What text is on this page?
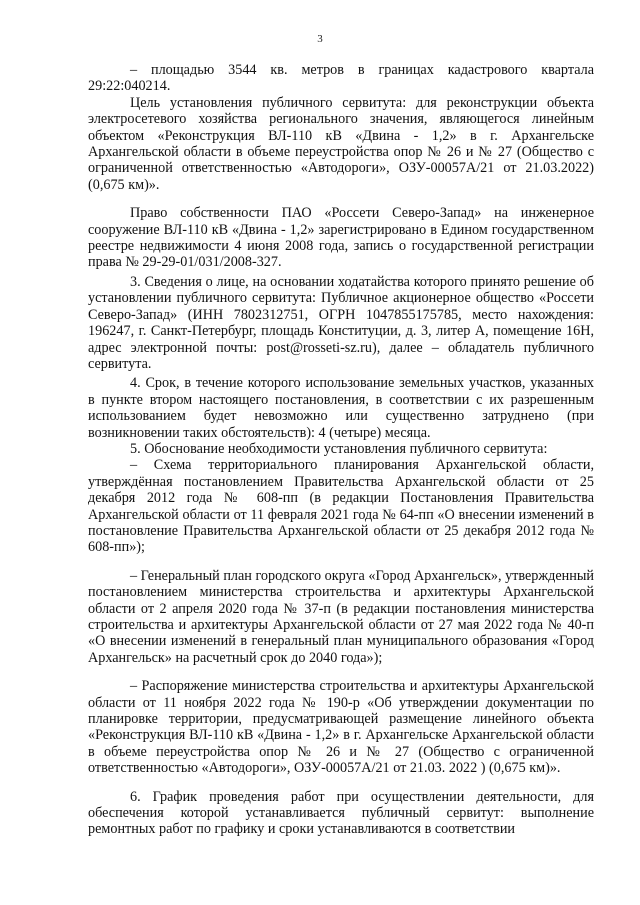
3

– площадью 3544 кв. метров в границах кадастрового квартала 29:22:040214.

Цель установления публичного сервитута: для реконструкции объекта электросетевого хозяйства регионального значения, являющегося линейным объектом «Реконструкция ВЛ-110 кВ «Двина - 1,2» в г. Архангельске Архангельской области в объеме переустройства опор № 26 и № 27 (Общество с ограниченной ответственностью «Автодороги», ОЗУ-00057А/21 от 21.03.2022) (0,675 км)».

Право собственности ПАО «Россети Северо-Запад» на инженерное сооружение ВЛ-110 кВ «Двина - 1,2» зарегистрировано в Едином государственном реестре недвижимости 4 июня 2008 года, запись о государственной регистрации права № 29-29-01/031/2008-327.

3. Сведения о лице, на основании ходатайства которого принято решение об установлении публичного сервитута: Публичное акционерное общество «Россети Северо-Запад» (ИНН 7802312751, ОГРН 1047855175785, место нахождения: 196247, г. Санкт-Петербург, площадь Конституции, д. 3, литер А, помещение 16Н, адрес электронной почты: post@rosseti-sz.ru), далее – обладатель публичного сервитута.

4. Срок, в течение которого использование земельных участков, указанных в пункте втором настоящего постановления, в соответствии с их разрешенным использованием будет невозможно или существенно затруднено (при возникновении таких обстоятельств): 4 (четыре) месяца.

5. Обоснование необходимости установления публичного сервитута:

– Схема территориального планирования Архангельской области, утверждённая постановлением Правительства Архангельской области от 25 декабря 2012 года № 608-пп (в редакции Постановления Правительства Архангельской области от 11 февраля 2021 года № 64-пп «О внесении изменений в постановление Правительства Архангельской области от 25 декабря 2012 года № 608-пп»);

– Генеральный план городского округа «Город Архангельск», утвержденный постановлением министерства строительства и архитектуры Архангельской области от 2 апреля 2020 года № 37-п (в редакции постановления министерства строительства и архитектуры Архангельской области от 27 мая 2022 года № 40-п «О внесении изменений в генеральный план муниципального образования «Город Архангельск» на расчетный срок до 2040 года»);

– Распоряжение министерства строительства и архитектуры Архангельской области от 11 ноября 2022 года № 190-р «Об утверждении документации по планировке территории, предусматривающей размещение линейного объекта «Реконструкция ВЛ-110 кВ «Двина - 1,2» в г. Архангельске Архангельской области в объеме переустройства опор № 26 и № 27 (Общество с ограниченной ответственностью «Автодороги», ОЗУ-00057А/21 от 21.03. 2022 ) (0,675 км)».

6. График проведения работ при осуществлении деятельности, для обеспечения которой устанавливается публичный сервитут: выполнение ремонтных работ по графику и сроки устанавливаются в соответствии
